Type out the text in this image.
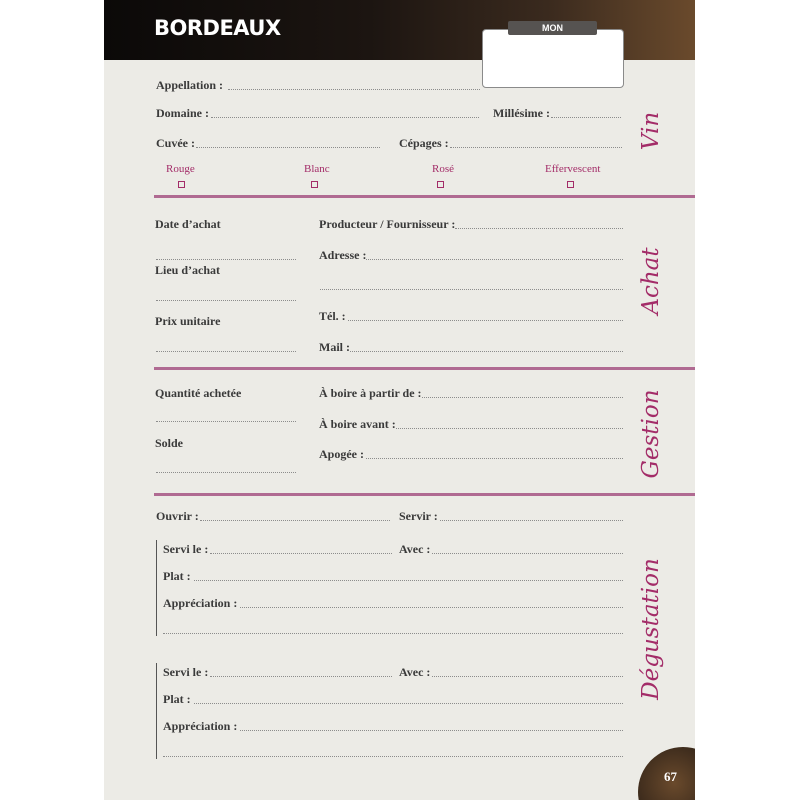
BORDEAUX	MON EMPLACEMENT
Appellation :
Domaine :	Millésime :
Cuvée :	Cépages :
Rouge	Blanc	Rosé	Effervescent
Vin
Date d’achat
Lieu d’achat
Prix unitaire
Producteur / Fournisseur :
Adresse :
Tél. :
Mail :
Achat
Quantité achetée
Solde
À boire à partir de :
À boire avant :
Apogée :	Gestion
Ouvrir :	Servir :
Servi le :	Avec :
Plat :
Appréciation :
Servi le :	Avec :
Plat :
Appréciation :
Dégustation
67
